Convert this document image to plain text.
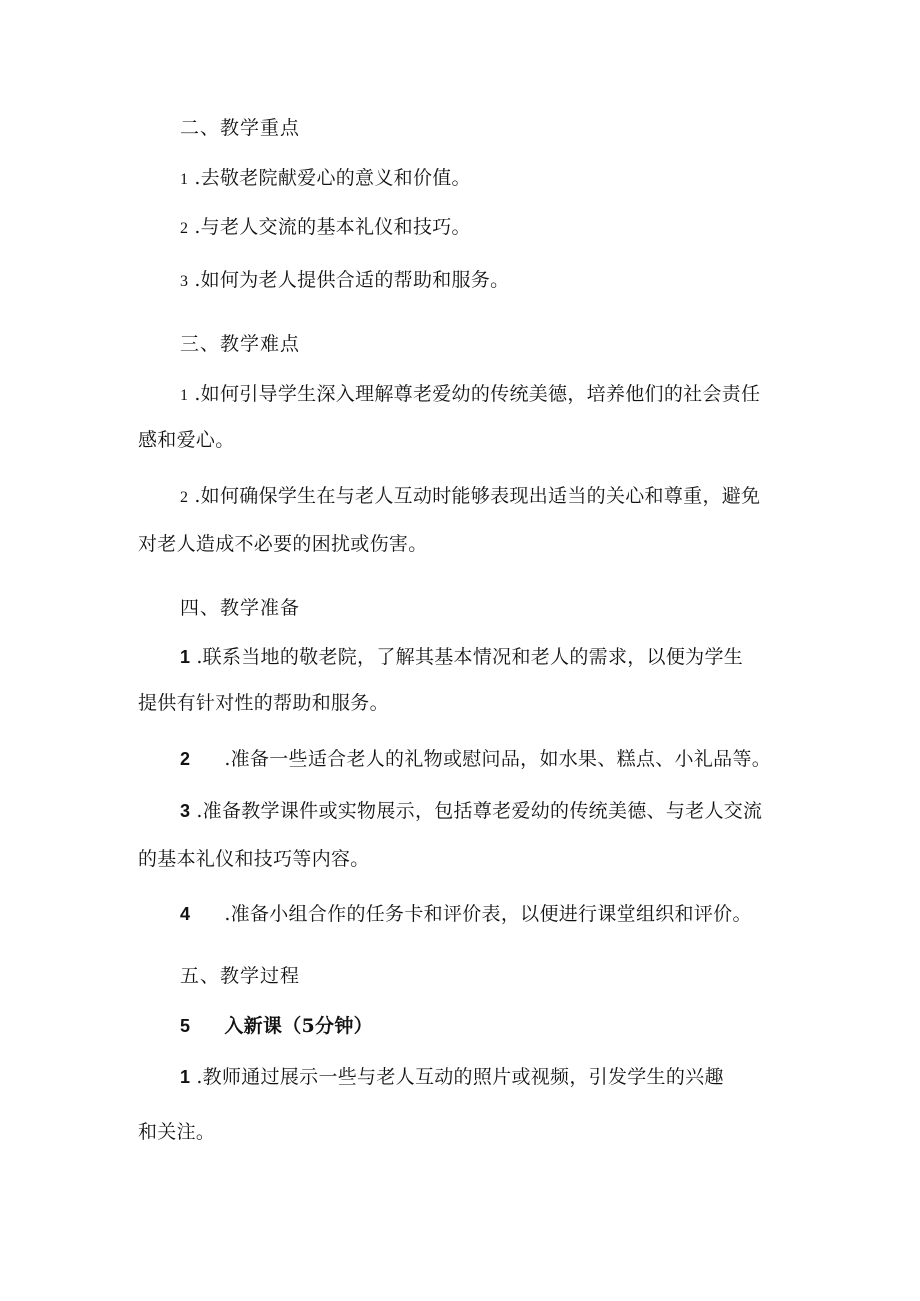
二、教学重点
1 .去敬老院献爱心的意义和价值。
2 .与老人交流的基本礼仪和技巧。
3 .如何为老人提供合适的帮助和服务。
三、教学难点
1 .如何引导学生深入理解尊老爱幼的传统美德，培养他们的社会责任
感和爱心。
2 .如何确保学生在与老人互动时能够表现出适当的关心和尊重，避免
对老人造成不必要的困扰或伤害。
四、教学准备
1 .联系当地的敬老院，了解其基本情况和老人的需求，以便为学生
提供有针对性的帮助和服务。
2 .准备一些适合老人的礼物或慰问品，如水果、糕点、小礼品等。
3 .准备教学课件或实物展示，包括尊老爱幼的传统美德、与老人交流
的基本礼仪和技巧等内容。
4 .准备小组合作的任务卡和评价表，以便进行课堂组织和评价。
五、教学过程
5 入新课（5分钟）
1 .教师通过展示一些与老人互动的照片或视频，引发学生的兴趣
和关注。
